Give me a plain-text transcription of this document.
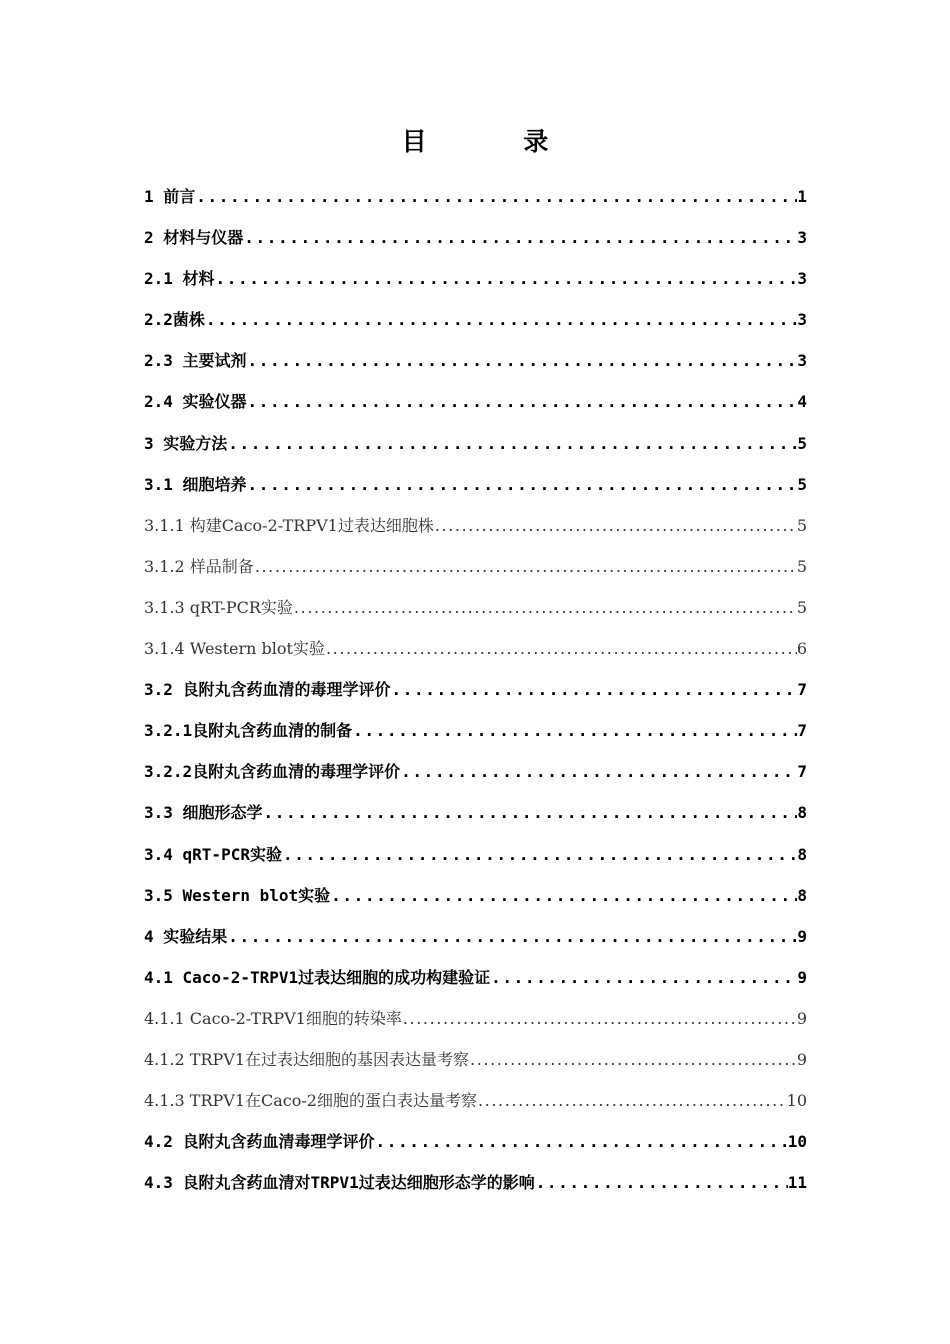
目 录
1 前言 .....	1
2 材料与仪器 .....	3
2.1 材料 .....	3
2.2菌株 .....	3
2.3 主要试剂 .....	3
2.4 实验仪器 .....	4
3 实验方法 .....	5
3.1 细胞培养 .....	5
3.1.1 构建Caco-2-TRPV1过表达细胞株 .....	5
3.1.2 样品制备 .....	5
3.1.3 qRT-PCR实验 .....	5
3.1.4 Western blot实验 .....	6
3.2 良附丸含药血清的毒理学评价 .....	7
3.2.1良附丸含药血清的制备 .....	7
3.2.2良附丸含药血清的毒理学评价 .....	7
3.3 细胞形态学 .....	8
3.4 qRT-PCR实验 .....	8
3.5 Western blot实验 .....	8
4 实验结果 .....	9
4.1 Caco-2-TRPV1过表达细胞的成功构建验证 .....	9
4.1.1 Caco-2-TRPV1细胞的转染率 .....	9
4.1.2 TRPV1在过表达细胞的基因表达量考察 .....	9
4.1.3 TRPV1在Caco-2细胞的蛋白表达量考察 .....	10
4.2 良附丸含药血清毒理学评价 .....	10
4.3 良附丸含药血清对TRPV1过表达细胞形态学的影响 .....	11
